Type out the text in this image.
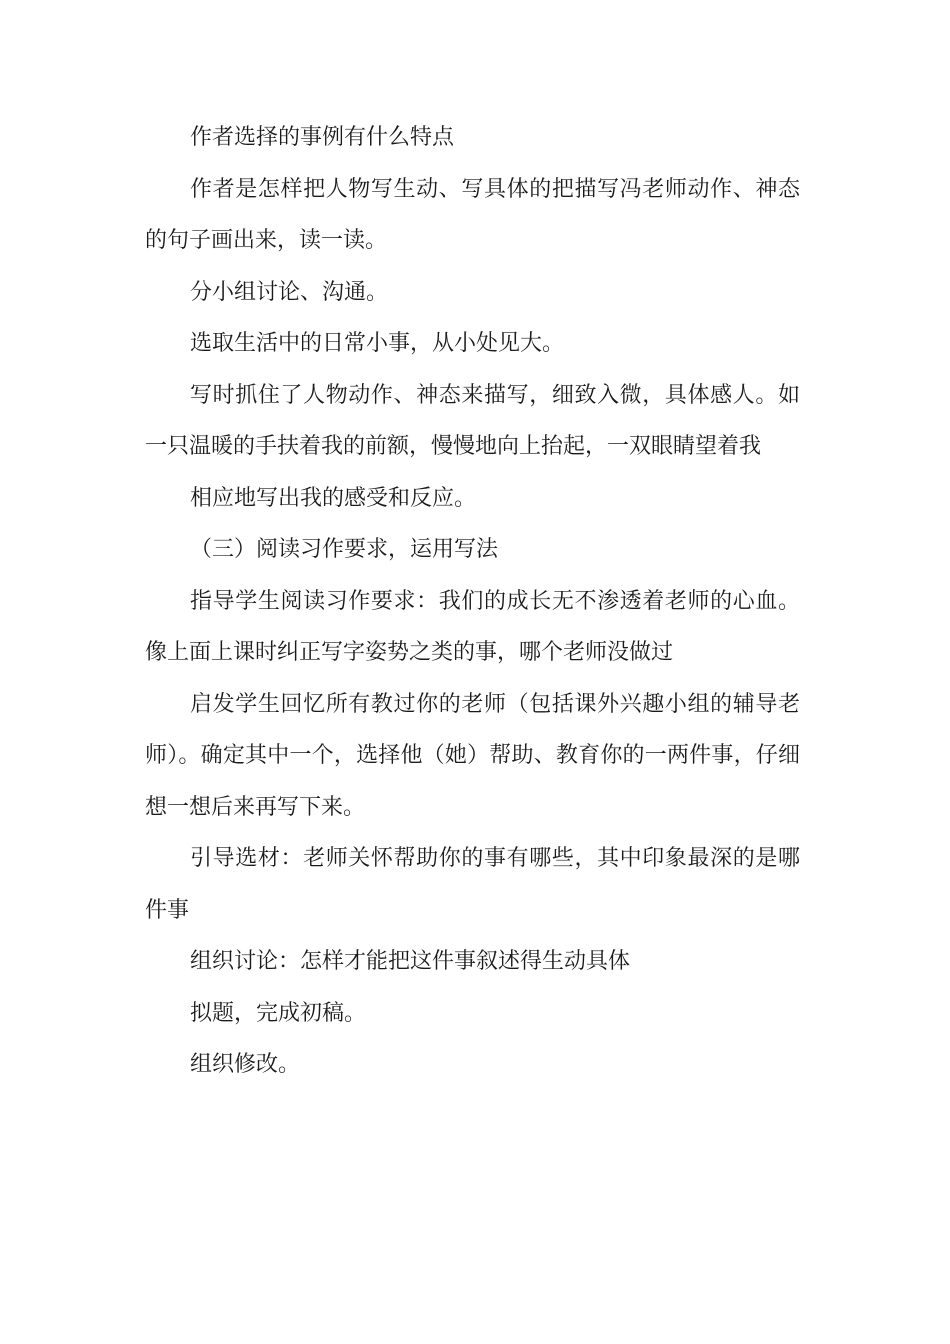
作者选择的事例有什么特点

作者是怎样把人物写生动、写具体的把描写冯老师动作、神态的句子画出来，读一读。

分小组讨论、沟通。

选取生活中的日常小事，从小处见大。

写时抓住了人物动作、神态来描写，细致入微，具体感人。如一只温暖的手扶着我的前额，慢慢地向上抬起，一双眼睛望着我

相应地写出我的感受和反应。

（三）阅读习作要求，运用写法

指导学生阅读习作要求：我们的成长无不渗透着老师的心血。像上面上课时纠正写字姿势之类的事，哪个老师没做过

启发学生回忆所有教过你的老师（包括课外兴趣小组的辅导老师）。确定其中一个，选择他（她）帮助、教育你的一两件事，仔细想一想后来再写下来。

引导选材：老师关怀帮助你的事有哪些，其中印象最深的是哪件事

组织讨论：怎样才能把这件事叙述得生动具体

拟题，完成初稿。

组织修改。
